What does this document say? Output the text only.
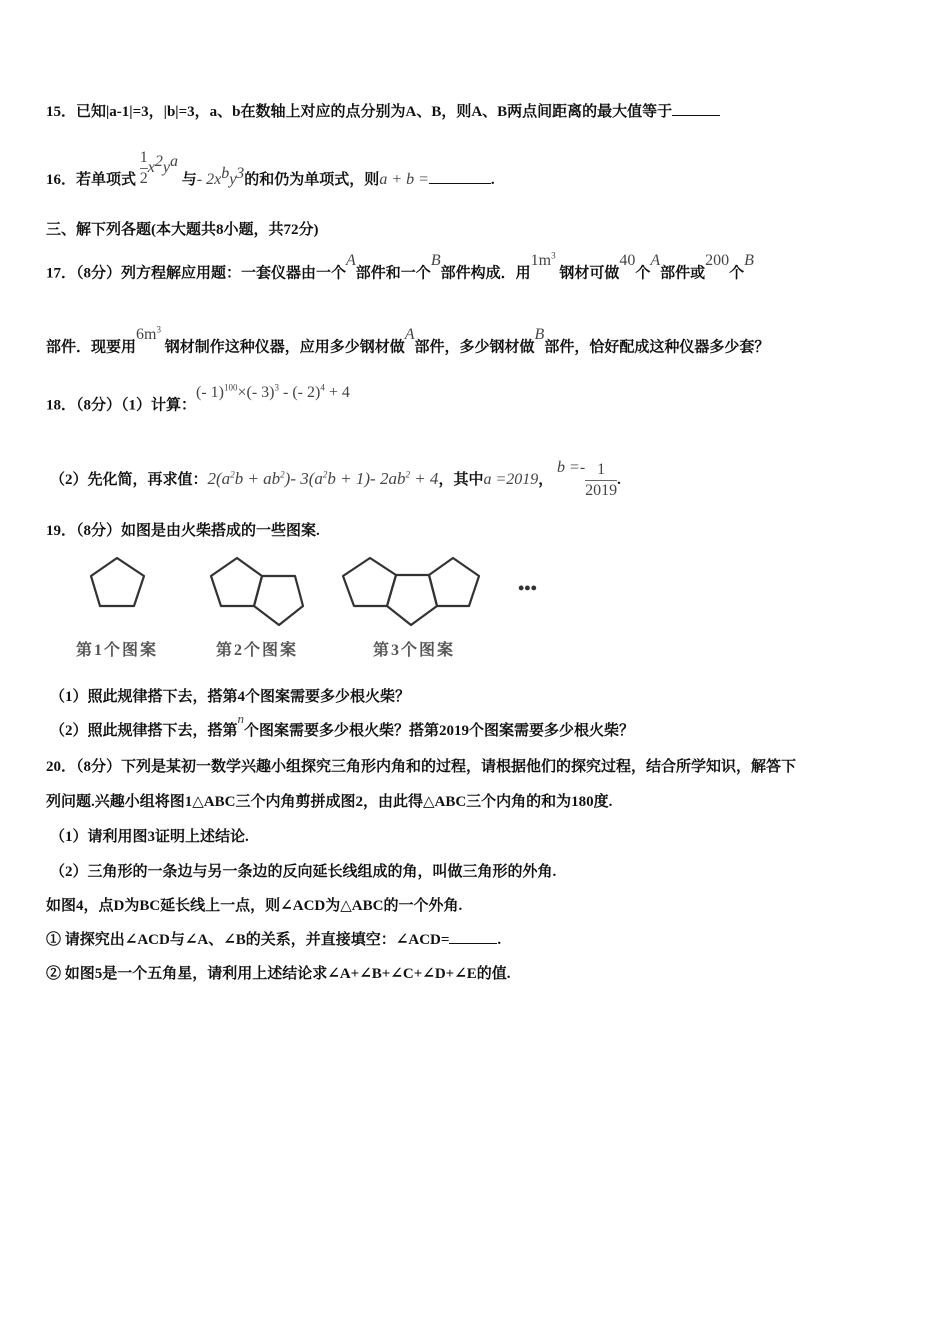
15．已知|a-1|=3，|b|=3，a、b在数轴上对应的点分别为A、B，则A、B两点间距离的最大值等于
16．若单项式 $\frac{1}{2} x^2y^a$ 与- $2x^by^3$的和仍为单项式，则a + b =	.
三、解下列各题(本大题共8小题，共72分)
17．（8分）列方程解应用题：一套仪器由一个A部件和一个B部件构成．用$1m^3$ 钢材可做40个A部件或200个B
部件．现要用$6m^3$ 钢材制作这种仪器，应用多少钢材做A部件，多少钢材做B部件，恰好配成这种仪器多少套？
18．（8分）（1）计算：(- 1)$^{100}$×(- 3)$^3$ - (- 2)$^4$ + 4
（2）先化简，再求值：$2(a^2b + ab^2)-$ $3(a^2b + 1)-$ $2ab^2 + 4$，其中a =2019， $b =- \frac{1}{2019}$ .
19．（8分）如图是由火柴搭成的一些图案.
第1个图案	第2个图案	第3个图案
•••
（1）照此规律搭下去，搭第4个图案需要多少根火柴？
（2）照此规律搭下去，搭第n个图案需要多少根火柴？搭第2019个图案需要多少根火柴？
20．（8分）下列是某初一数学兴趣小组探究三角形内角和的过程，请根据他们的探究过程，结合所学知识，解答下
列问题.兴趣小组将图1△ABC三个内角剪拼成图2，由此得△ABC三个内角的和为180度.
（1）请利用图3证明上述结论.
（2）三角形的一条边与另一条边的反向延长线组成的角，叫做三角形的外角.
如图4，点D为BC延长线上一点，则∠ACD为△ABC的一个外角.
① 请探究出∠ACD与∠A、∠B的关系，并直接填空：∠ACD=	.
② 如图5是一个五角星，请利用上述结论求∠A+∠B+∠C+∠D+∠E的值.
